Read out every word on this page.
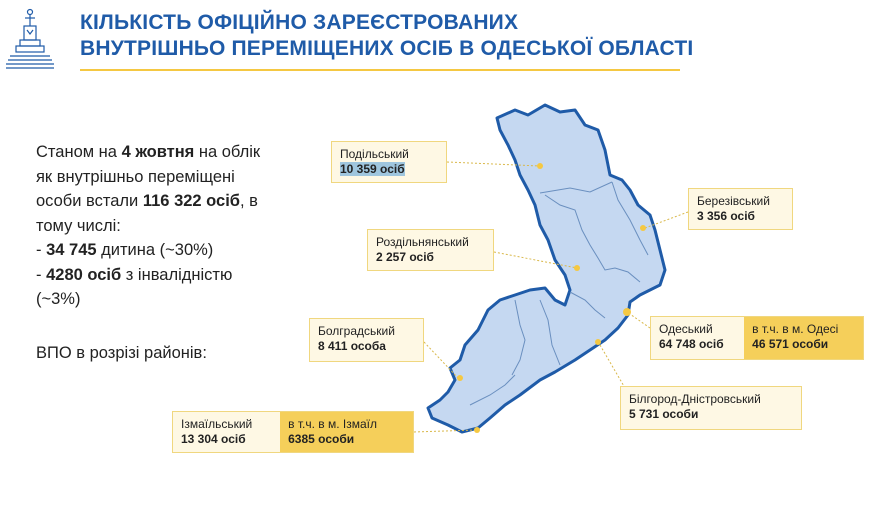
КІЛЬКІСТЬ ОФІЦІЙНО ЗАРЕЄСТРОВАНИХ
ВНУТРІШНЬО ПЕРЕМІЩЕНИХ ОСІБ В ОДЕСЬКОЇ ОБЛАСТІ
Станом на 4 жовтня на облік
як внутрішньо переміщені
особи встали 116 322 осіб, в
тому числі:
- 34 745 дитина (~30%)
- 4280 осіб з інвалідністю
(~3%)
ВПО в розрізі районів:
Подільський
10 359 осіб
Березівський
3 356 осіб
Роздільнянський
2 257 осіб
Болградський
8 411 особа
Одеський
64 748 осіб
в т.ч. в м. Одесі
46 571 особи
Білгород-Дністровський
5 731 особи
Ізмаїльський
13 304 осіб
в т.ч. в м. Ізмаїл
6385 особи
